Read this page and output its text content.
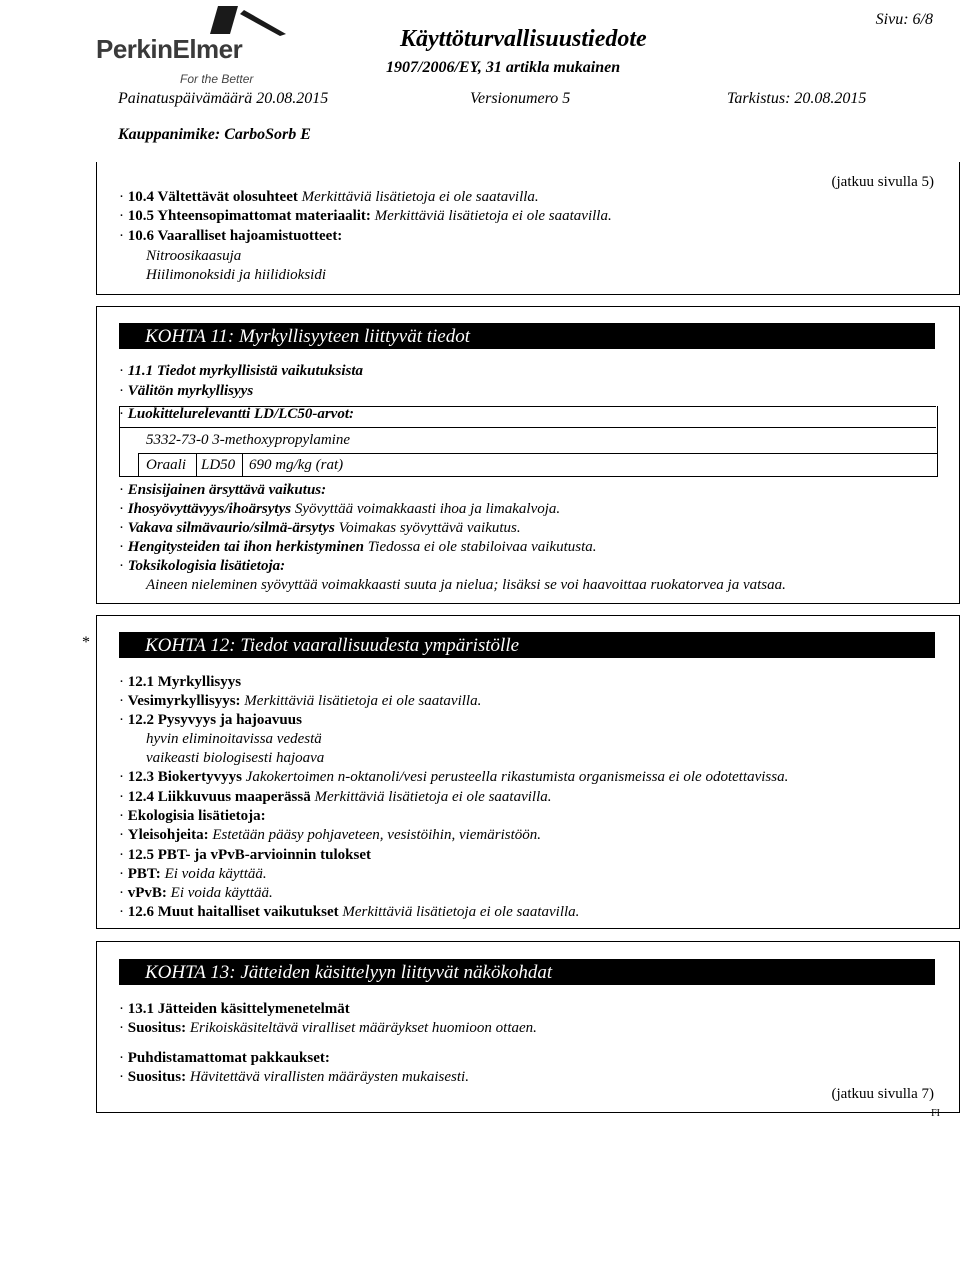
PerkinElmer
For the Better
Käyttöturvallisuustiedote
1907/2006/EY, 31 artikla mukainen
Sivu: 6/8
Painatuspäivämäärä 20.08.2015	Versionumero 5	Tarkistus: 20.08.2015
Kauppanimike: CarboSorb E
(jatkuu sivulla 5)
· 10.4 Vältettävät olosuhteet Merkittäviä lisätietoja ei ole saatavilla.
· 10.5 Yhteensopimattomat materiaalit: Merkittäviä lisätietoja ei ole saatavilla.
· 10.6 Vaaralliset hajoamistuotteet:
Nitroosikaasuja
Hiilimonoksidi ja hiilidioksidi
KOHTA 11: Myrkyllisyyteen liittyvät tiedot
· 11.1 Tiedot myrkyllisistä vaikutuksista
· Välitön myrkyllisyys
· Luokittelurelevantti LD/LC50-arvot:
5332-73-0 3-methoxypropylamine
Oraali LD50 690 mg/kg (rat)
· Ensisijainen ärsyttävä vaikutus:
· Ihosyövyttävyys/ihoärsytys Syövyttää voimakkaasti ihoa ja limakalvoja.
· Vakava silmävaurio/silmä-ärsytys Voimakas syövyttävä vaikutus.
· Hengitysteiden tai ihon herkistyminen Tiedossa ei ole stabiloivaa vaikutusta.
· Toksikologisia lisätietoja:
Aineen nieleminen syövyttää voimakkaasti suuta ja nielua; lisäksi se voi haavoittaa ruokatorvea ja vatsaa.
*	KOHTA 12: Tiedot vaarallisuudesta ympäristölle
· 12.1 Myrkyllisyys
· Vesimyrkyllisyys: Merkittäviä lisätietoja ei ole saatavilla.
· 12.2 Pysyvyys ja hajoavuus
hyvin eliminoitavissa vedestä
vaikeasti biologisesti hajoava
· 12.3 Biokertyvyys Jakokertoimen n-oktanoli/vesi perusteella rikastumista organismeissa ei ole odotettavissa.
· 12.4 Liikkuvuus maaperässä Merkittäviä lisätietoja ei ole saatavilla.
· Ekologisia lisätietoja:
· Yleisohjeita: Estetään pääsy pohjaveteen, vesistöihin, viemäristöön.
· 12.5 PBT- ja vPvB-arvioinnin tulokset
· PBT: Ei voida käyttää.
· vPvB: Ei voida käyttää.
· 12.6 Muut haitalliset vaikutukset Merkittäviä lisätietoja ei ole saatavilla.
KOHTA 13: Jätteiden käsittelyyn liittyvät näkökohdat
· 13.1 Jätteiden käsittelymenetelmät
· Suositus: Erikoiskäsiteltävä viralliset määräykset huomioon ottaen.
· Puhdistamattomat pakkaukset:
· Suositus: Hävitettävä virallisten määräysten mukaisesti.
(jatkuu sivulla 7)
FI
